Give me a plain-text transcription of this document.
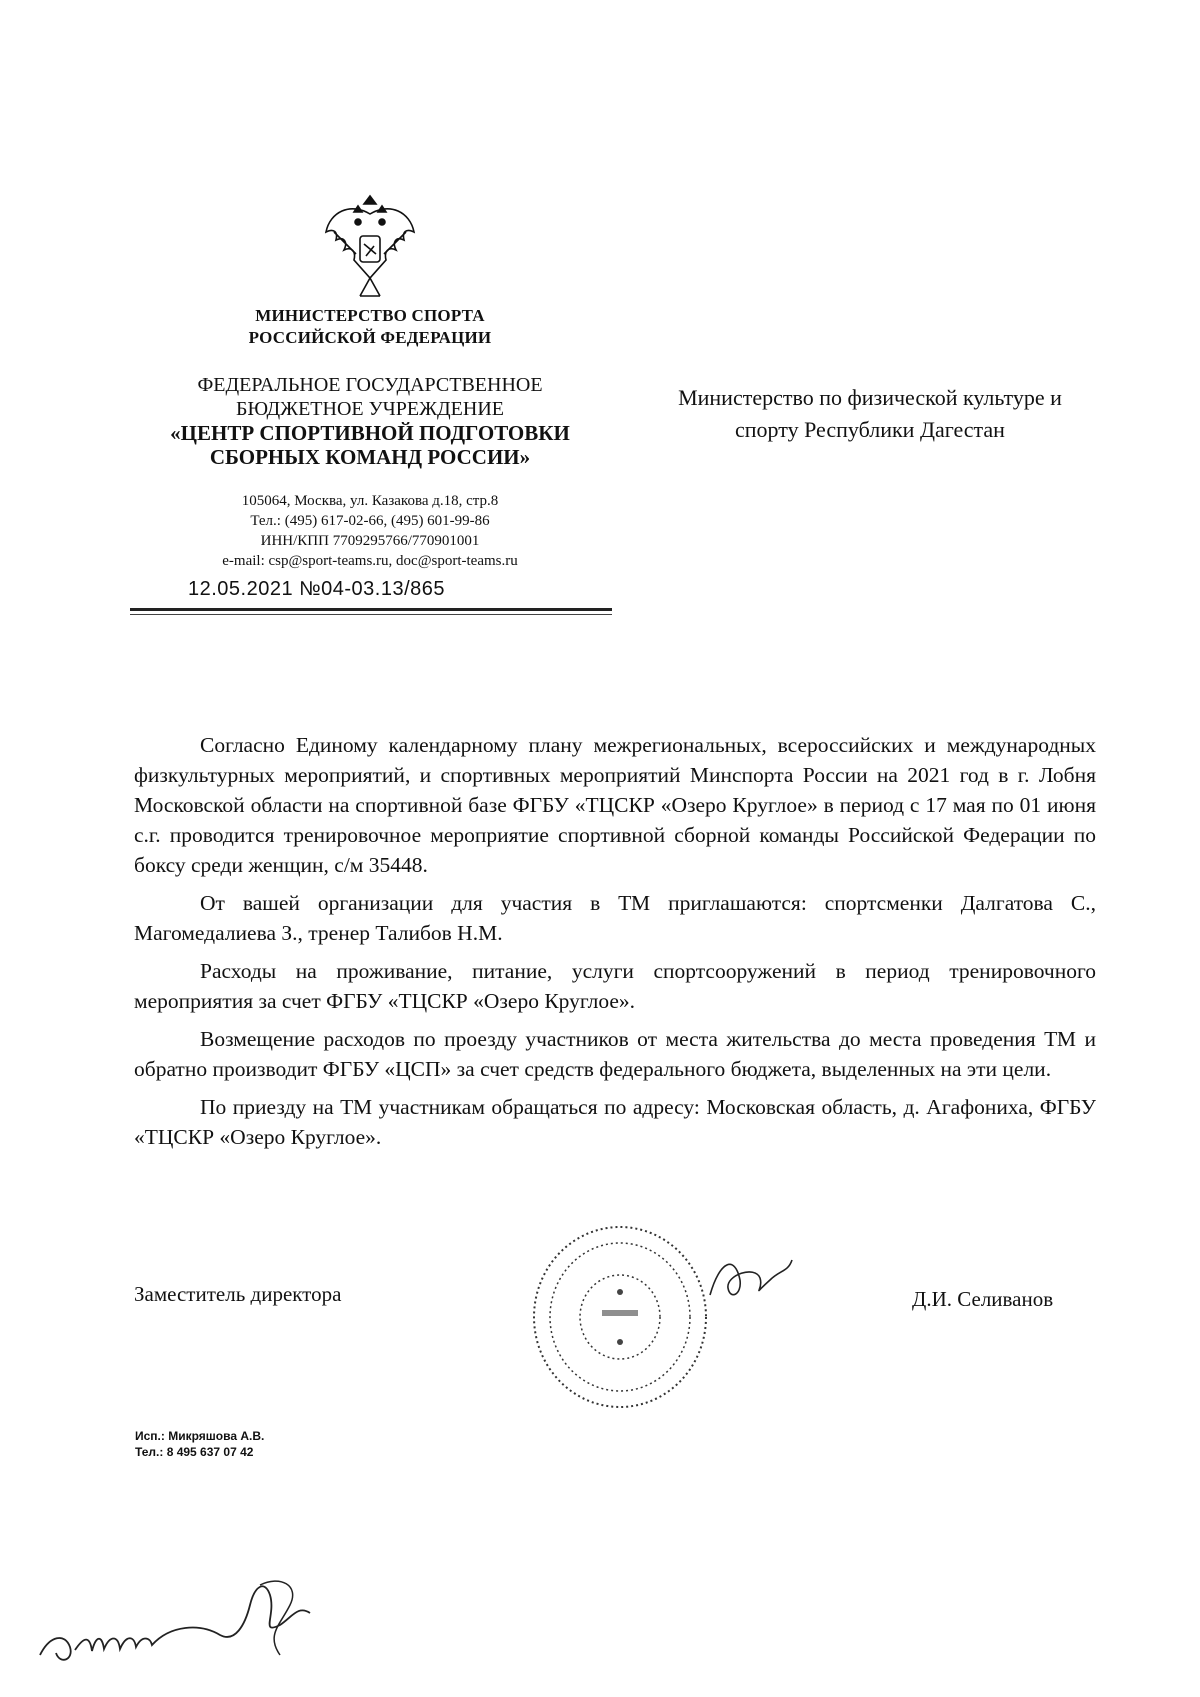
МИНИСТЕРСТВО СПОРТА
РОССИЙСКОЙ ФЕДЕРАЦИИ
ФЕДЕРАЛЬНОЕ ГОСУДАРСТВЕННОЕ
БЮДЖЕТНОЕ УЧРЕЖДЕНИЕ
«ЦЕНТР СПОРТИВНОЙ ПОДГОТОВКИ
СБОРНЫХ КОМАНД РОССИИ»
105064, Москва, ул. Казакова д.18, стр.8
Тел.: (495) 617-02-66, (495) 601-99-86
ИНН/КПП 7709295766/770901001
e-mail: csp@sport-teams.ru, doc@sport-teams.ru
12.05.2021 №04-03.13/865
Министерство по физической культуре и
спорту Республики Дагестан

Согласно Единому календарному плану межрегиональных, всероссийских и международных физкультурных мероприятий, и спортивных мероприятий Минспорта России на 2021 год в г. Лобня Московской области на спортивной базе ФГБУ «ТЦСКР «Озеро Круглое» в период с 17 мая по 01 июня с.г. проводится тренировочное мероприятие спортивной сборной команды Российской Федерации по боксу среди женщин, с/м 35448.

От вашей организации для участия в ТМ приглашаются: спортсменки Далгатова С., Магомедалиева З., тренер Талибов Н.М.

Расходы на проживание, питание, услуги спортсооружений в период тренировочного мероприятия за счет ФГБУ «ТЦСКР «Озеро Круглое».

Возмещение расходов по проезду участников от места жительства до места проведения ТМ и обратно производит ФГБУ «ЦСП» за счет средств федерального бюджета, выделенных на эти цели.

По приезду на ТМ участникам обращаться по адресу: Московская область, д. Агафониха, ФГБУ «ТЦСКР «Озеро Круглое».

Заместитель директора	Д.И. Селиванов
Исп.: Микряшова А.В.
Тел.: 8 495 637 07 42
